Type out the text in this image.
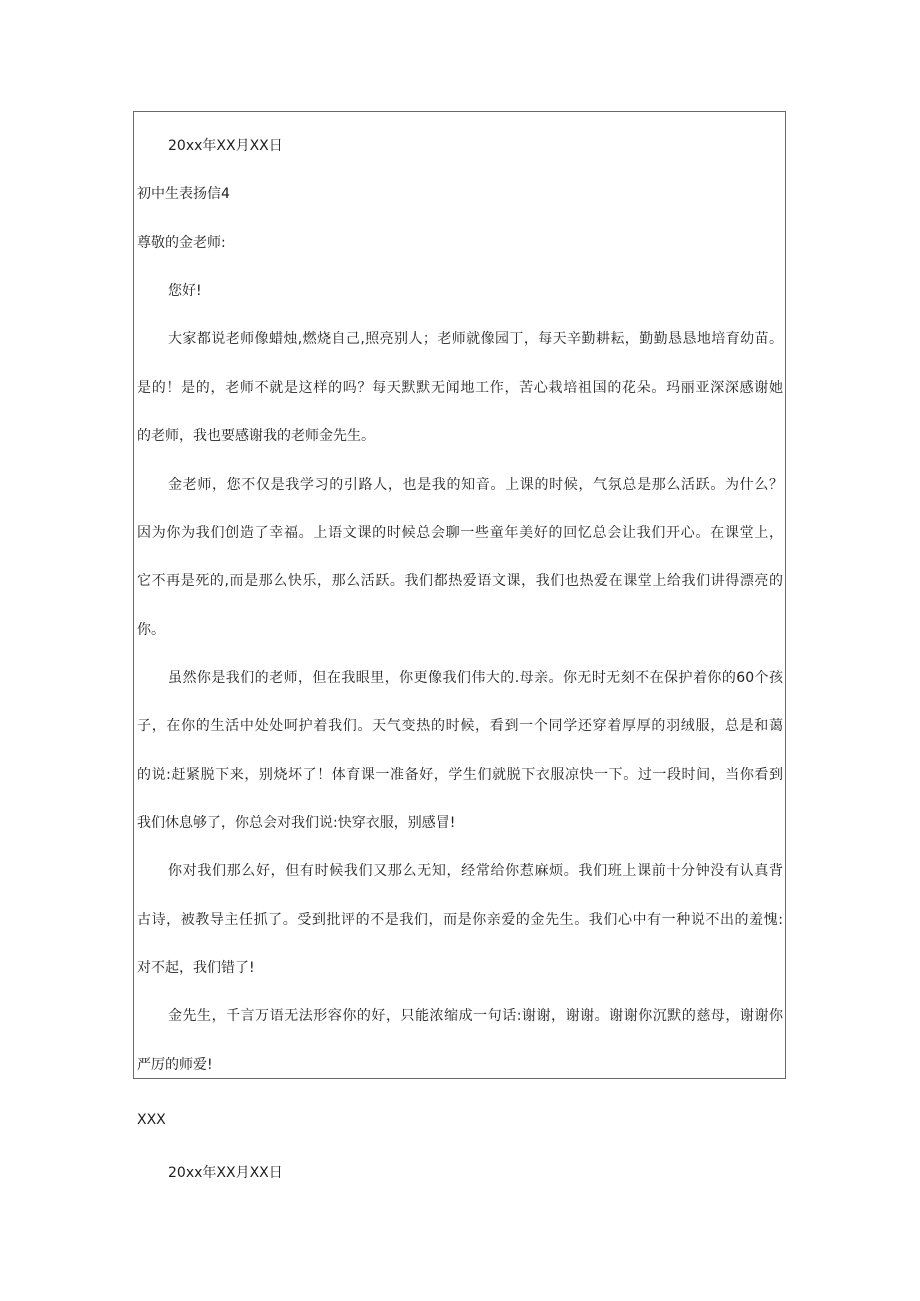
20xx年XX月XX日
初中生表扬信4
尊敬的金老师:
您好!
大家都说老师像蜡烛,燃烧自己,照亮别人；老师就像园丁，每天辛勤耕耘，勤勤恳恳地培育幼苗。
是的！是的，老师不就是这样的吗？每天默默无闻地工作，苦心栽培祖国的花朵。玛丽亚深深感谢她
的老师，我也要感谢我的老师金先生。
金老师，您不仅是我学习的引路人，也是我的知音。上课的时候，气氛总是那么活跃。为什么？
因为你为我们创造了幸福。上语文课的时候总会聊一些童年美好的回忆总会让我们开心。在课堂上，
它不再是死的,而是那么快乐，那么活跃。我们都热爱语文课，我们也热爱在课堂上给我们讲得漂亮的
你。
虽然你是我们的老师，但在我眼里，你更像我们伟大的.母亲。你无时无刻不在保护着你的60个孩
子，在你的生活中处处呵护着我们。天气变热的时候，看到一个同学还穿着厚厚的羽绒服，总是和蔼
的说:赶紧脱下来，别烧坏了！体育课一准备好，学生们就脱下衣服凉快一下。过一段时间，当你看到
我们休息够了，你总会对我们说:快穿衣服，别感冒!
你对我们那么好，但有时候我们又那么无知，经常给你惹麻烦。我们班上课前十分钟没有认真背
古诗，被教导主任抓了。受到批评的不是我们，而是你亲爱的金先生。我们心中有一种说不出的羞愧:
对不起，我们错了!
金先生，千言万语无法形容你的好，只能浓缩成一句话:谢谢，谢谢。谢谢你沉默的慈母，谢谢你
严厉的师爱!
XXX
20xx年XX月XX日
